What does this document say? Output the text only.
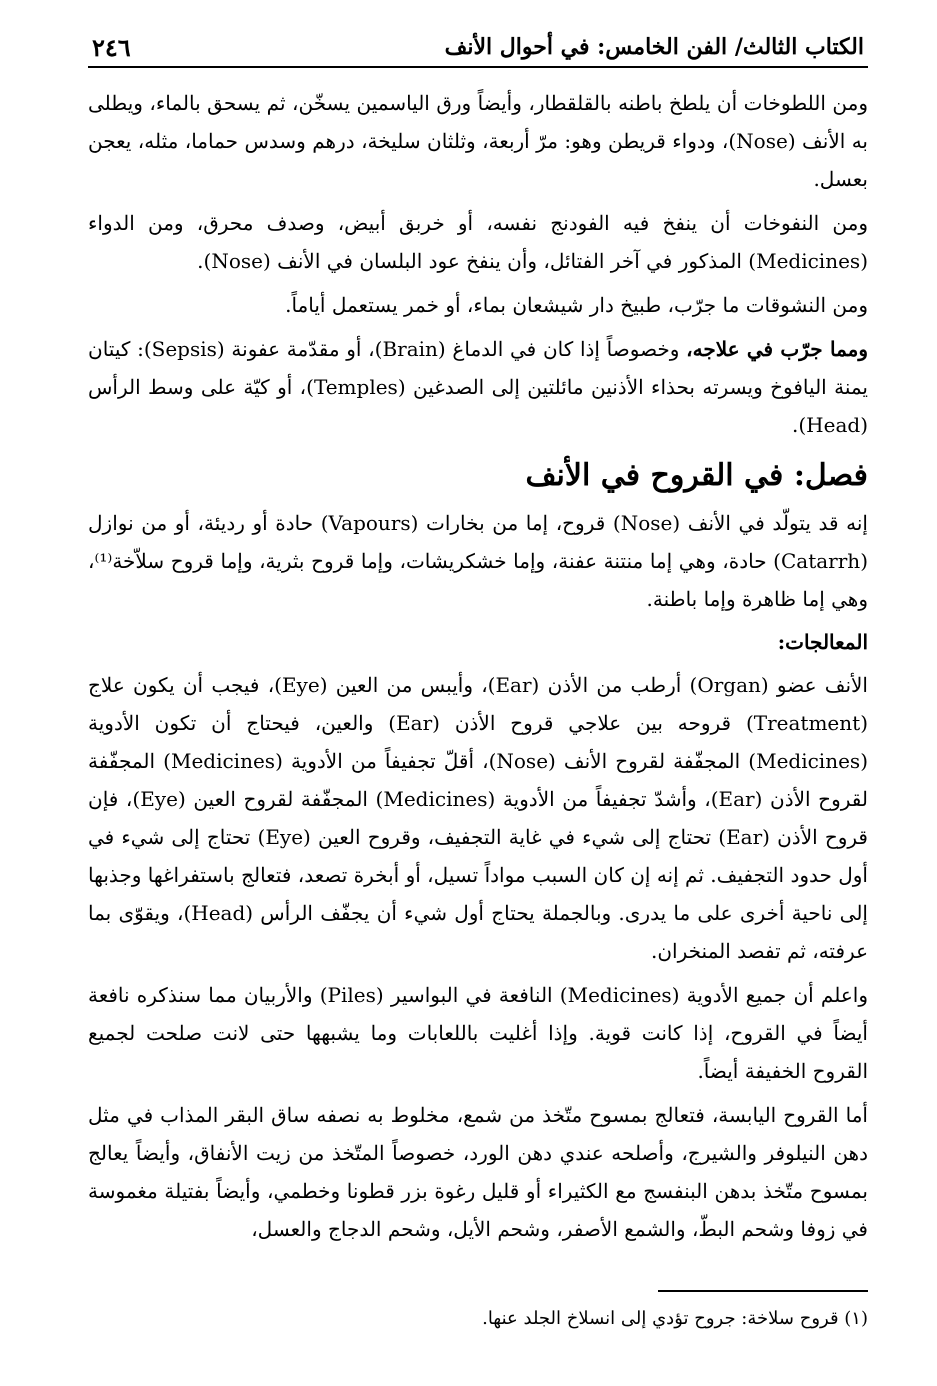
الكتاب الثالث/ الفن الخامس: في أحوال الأنف
٢٤٦

ومن اللطوخات أن يلطخ باطنه بالقلقطار، وأيضاً ورق الياسمين يسخّن، ثم يسحق بالماء، ويطلى به الأنف (Nose)، ودواء قريطن وهو: مرّ أربعة، وثلثان سليخة، درهم وسدس حماما، مثله، يعجن بعسل.

ومن النفوخات أن ينفخ فيه الفودنج نفسه، أو خربق أبيض، وصدف محرق، ومن الدواء (Medicines) المذكور في آخر الفتائل، وأن ينفخ عود البلسان في الأنف (Nose).

ومن النشوقات ما جرّب، طبيخ دار شيشعان بماء، أو خمر يستعمل أياماً.

ومما جرّب في علاجه، وخصوصاً إذا كان في الدماغ (Brain)، أو مقدّمة عفونة (Sepsis): كيتان يمنة اليافوخ ويسرته بحذاء الأذنين مائلتين إلى الصدغين (Temples)، أو كيّة على وسط الرأس (Head).

فصل: في القروح في الأنف

إنه قد يتولّد في الأنف (Nose) قروح، إما من بخارات (Vapours) حادة أو رديئة، أو من نوازل (Catarrh) حادة، وهي إما منتنة عفنة، وإما خشكريشات، وإما قروح بثرية، وإما قروح سلاّخة⁽¹⁾، وهي إما ظاهرة وإما باطنة.

المعالجات:

الأنف عضو (Organ) أرطب من الأذن (Ear)، وأيبس من العين (Eye)، فيجب أن يكون علاج (Treatment) قروحه بين علاجي قروح الأذن (Ear) والعين، فيحتاج أن تكون الأدوية (Medicines) المجفّفة لقروح الأنف (Nose)، أقلّ تجفيفاً من الأدوية (Medicines) المجفّفة لقروح الأذن (Ear)، وأشدّ تجفيفاً من الأدوية (Medicines) المجفّفة لقروح العين (Eye)، فإن قروح الأذن (Ear) تحتاج إلى شيء في غاية التجفيف، وقروح العين (Eye) تحتاج إلى شيء في أول حدود التجفيف. ثم إنه إن كان السبب مواداً تسيل، أو أبخرة تصعد، فتعالج باستفراغها وجذبها إلى ناحية أخرى على ما يدرى. وبالجملة يحتاج أول شيء أن يجفّف الرأس (Head)، ويقوّى بما عرفته، ثم تفصد المنخران.

واعلم أن جميع الأدوية (Medicines) النافعة في البواسير (Piles) والأربيان مما سنذكره نافعة أيضاً في القروح، إذا كانت قوية. وإذا أغليت باللعابات وما يشبهها حتى لانت صلحت لجميع القروح الخفيفة أيضاً.

أما القروح اليابسة، فتعالج بمسوح متّخذ من شمع، مخلوط به نصفه ساق البقر المذاب في مثل دهن النيلوفر والشيرج، وأصلحه عندي دهن الورد، خصوصاً المتّخذ من زيت الأنفاق، وأيضاً يعالج بمسوح متّخذ بدهن البنفسج مع الكثيراء أو قليل رغوة بزر قطونا وخطمي، وأيضاً بفتيلة مغموسة في زوفا وشحم البطّ، والشمع الأصفر، وشحم الأيل، وشحم الدجاج والعسل،

(١) قروح سلاخة: جروح تؤدي إلى انسلاخ الجلد عنها.
